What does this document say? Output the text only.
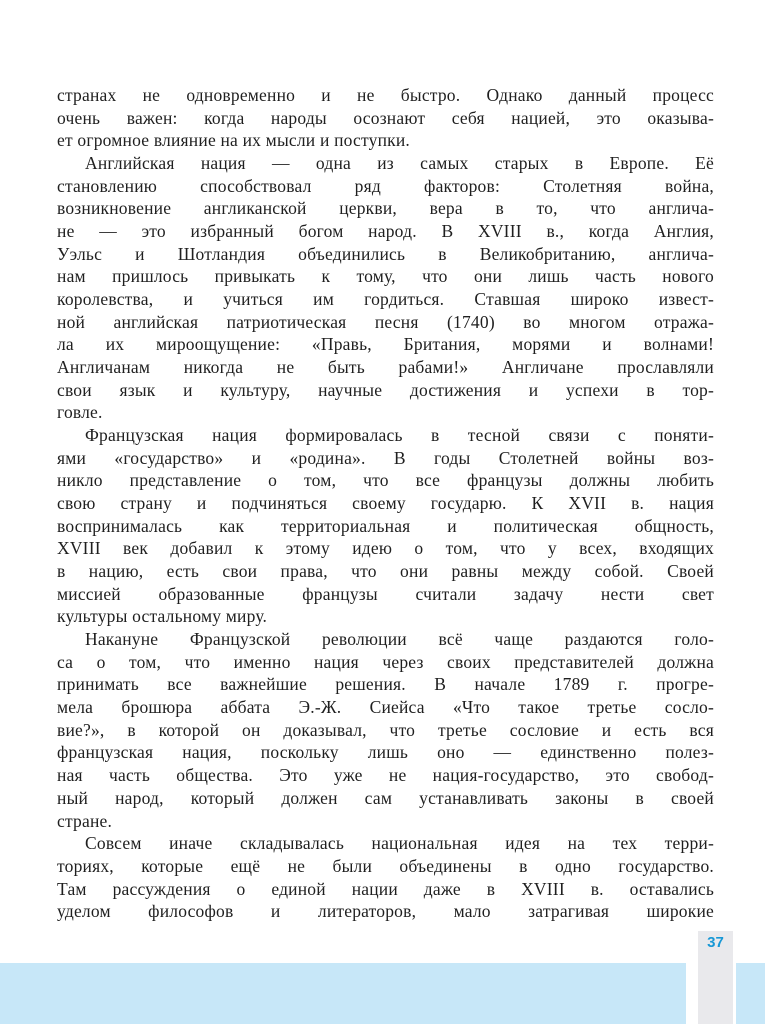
странах не одновременно и не быстро. Однако данный процесс
очень важен: когда народы осознают себя нацией, это оказыва-
ет огромное влияние на их мысли и поступки.
Английская нация — одна из самых старых в Европе. Её
становлению способствовал ряд факторов: Столетняя война,
возникновение англиканской церкви, вера в то, что англича-
не — это избранный богом народ. В XVIII в., когда Англия,
Уэльс и Шотландия объединились в Великобританию, англича-
нам пришлось привыкать к тому, что они лишь часть нового
королевства, и учиться им гордиться. Ставшая широко извест-
ной английская патриотическая песня (1740) во многом отража-
ла их мироощущение: «Правь, Британия, морями и волнами!
Англичанам никогда не быть рабами!» Англичане прославляли
свои язык и культуру, научные достижения и успехи в тор-
говле.
Французская нация формировалась в тесной связи с поняти-
ями «государство» и «родина». В годы Столетней войны воз-
никло представление о том, что все французы должны любить
свою страну и подчиняться своему государю. К XVII в. нация
воспринималась как территориальная и политическая общность,
XVIII век добавил к этому идею о том, что у всех, входящих
в нацию, есть свои права, что они равны между собой. Своей
миссией образованные французы считали задачу нести свет
культуры остальному миру.
Накануне Французской революции всё чаще раздаются голо-
са о том, что именно нация через своих представителей должна
принимать все важнейшие решения. В начале 1789 г. прогре-
мела брошюра аббата Э.-Ж. Сиейса «Что такое третье сосло-
вие?», в которой он доказывал, что третье сословие и есть вся
французская нация, поскольку лишь оно — единственно полез-
ная часть общества. Это уже не нация-государство, это свобод-
ный народ, который должен сам устанавливать законы в своей
стране.
Совсем иначе складывалась национальная идея на тех терри-
ториях, которые ещё не были объединены в одно государство.
Там рассуждения о единой нации даже в XVIII в. оставались
уделом философов и литераторов, мало затрагивая широкие
37
